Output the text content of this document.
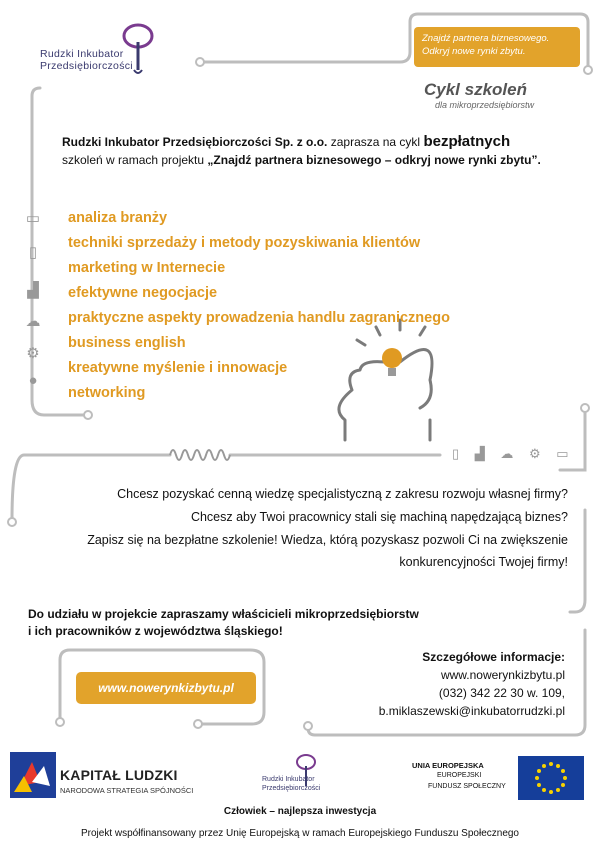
Rudzki Inkubator
Przedsiębiorczości
Znajdź partnera biznesowego.
Odkryj nowe rynki zbytu.
Cykl szkoleń
dla mikroprzedsiębiorstw
Rudzki Inkubator Przedsiębiorczości Sp. z o.o. zaprasza na cykl bezpłatnych
szkoleń w ramach projektu „Znajdź partnera biznesowego – odkryj nowe rynki zbytu”.
▭
▯
▟
☁
⚙
●
analiza branży
techniki sprzedaży i metody pozyskiwania klientów
marketing w Internecie
efektywne negocjacje
praktyczne aspekty prowadzenia handlu zagranicznego
business english
kreatywne myślenie i innowacje
networking
▯ ▟ ☁ ⚙ ▭
Chcesz pozyskać cenną wiedzę specjalistyczną z zakresu rozwoju własnej firmy?
Chcesz aby Twoi pracownicy stali się machiną napędzającą biznes?
Zapisz się na bezpłatne szkolenie! Wiedza, którą pozyskasz pozwoli Ci na zwiększenie
konkurencyjności Twojej firmy!
Do udziału w projekcie zapraszamy właścicieli mikroprzedsiębiorstw
i ich pracowników z województwa śląskiego!
Szczegółowe informacje:
www.nowerynkizbytu.pl
(032) 342 22 30 w. 109,
b.miklaszewski@inkubatorrudzki.pl
www.nowerynkizbytu.pl
KAPITAŁ LUDZKI
NARODOWA STRATEGIA SPÓJNOŚCI
Rudzki Inkubator
Przedsiębiorczości
UNIA EUROPEJSKA
EUROPEJSKI
FUNDUSZ SPOŁECZNY
Człowiek – najlepsza inwestycja
Projekt współfinansowany przez Unię Europejską w ramach Europejskiego Funduszu Społecznego
